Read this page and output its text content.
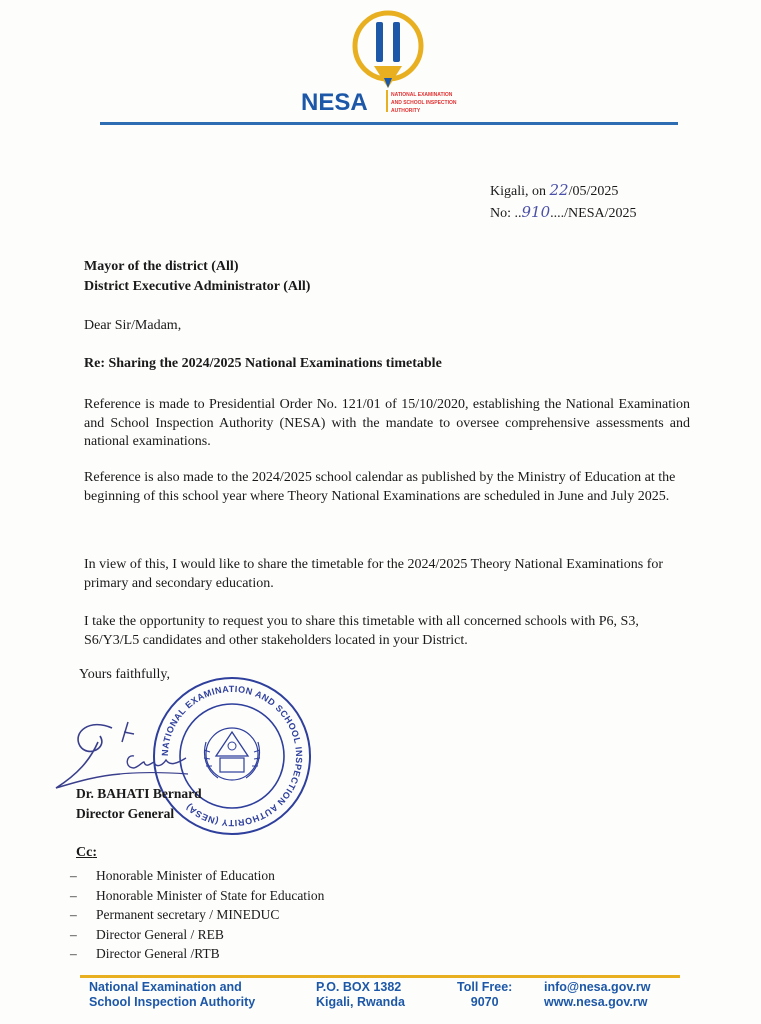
NESA	NATIONAL EXAMINATION
AND SCHOOL INSPECTION
AUTHORITY
Kigali, on 22/05/2025
No: ..910..../NESA/2025
Mayor of the district (All)
District Executive Administrator (All)
Dear Sir/Madam,
Re: Sharing the 2024/2025 National Examinations timetable
Reference is made to Presidential Order No. 121/01 of 15/10/2020, establishing the National Examination and School Inspection Authority (NESA) with the mandate to oversee comprehensive assessments and national examinations.
Reference is also made to the 2024/2025 school calendar as published by the Ministry of Education at the beginning of this school year where Theory National Examinations are scheduled in June and July 2025.
In view of this, I would like to share the timetable for the 2024/2025 Theory National Examinations for primary and secondary education.
I take the opportunity to request you to share this timetable with all concerned schools with P6, S3, S6/Y3/L5 candidates and other stakeholders located in your District.
Yours faithfully,
NATIONAL EXAMINATION AND SCHOOL INSPECTION AUTHORITY (NESA)
Dr. BAHATI Bernard
Director General
Cc:
– Honorable Minister of Education
– Honorable Minister of State for Education
– Permanent secretary / MINEDUC
– Director General / REB
– Director General /RTB
National Examination and
School Inspection Authority
P.O. BOX 1382
Kigali, Rwanda
Toll Free:
9070
info@nesa.gov.rw
www.nesa.gov.rw
